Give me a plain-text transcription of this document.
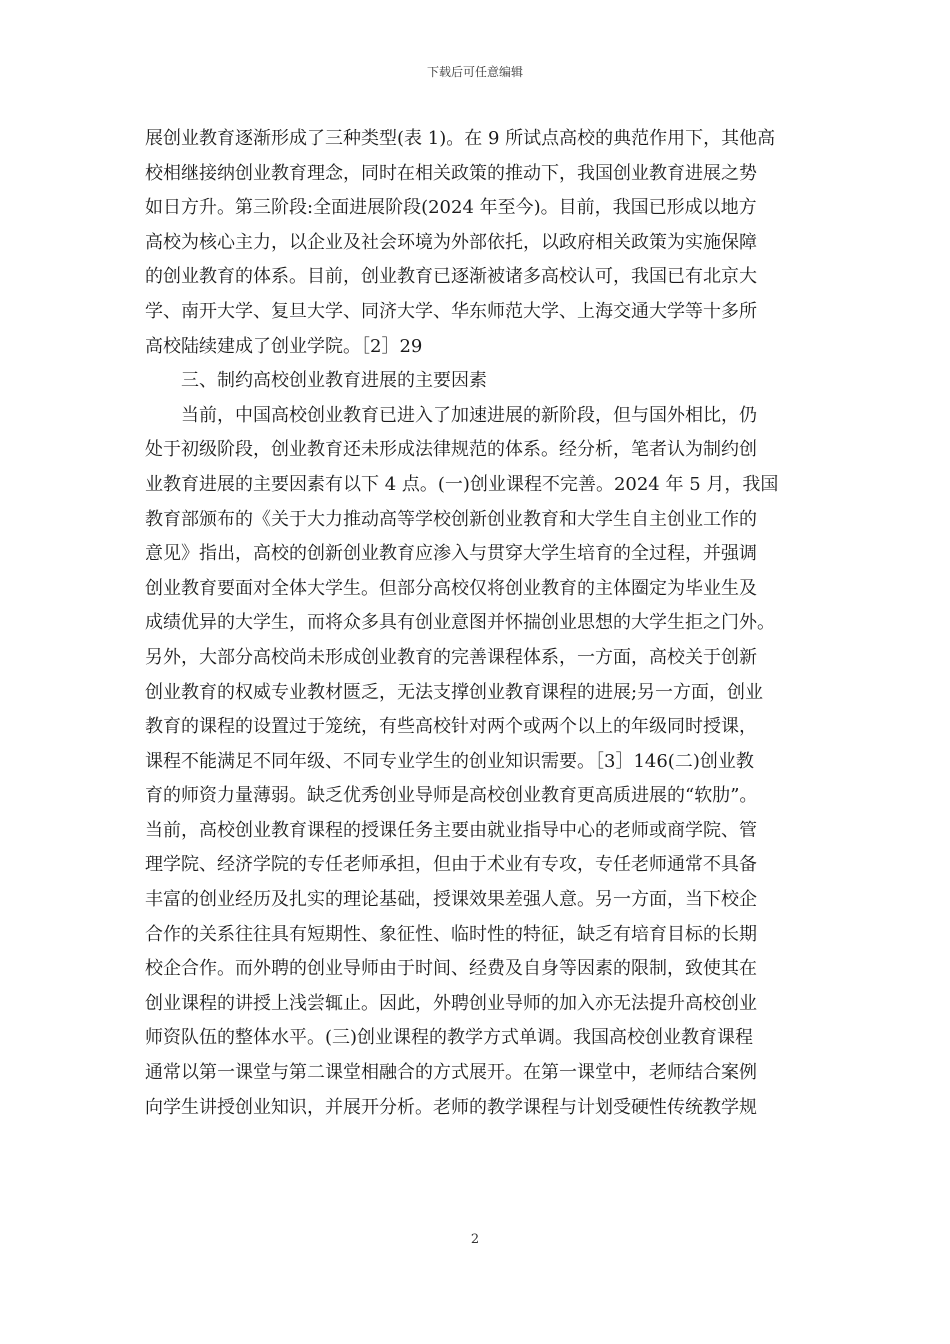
下载后可任意编辑
展创业教育逐渐形成了三种类型(表 1)。在 9 所试点高校的典范作用下，其他高
校相继接纳创业教育理念，同时在相关政策的推动下，我国创业教育进展之势
如日方升。第三阶段:全面进展阶段(2024 年至今)。目前，我国已形成以地方
高校为核心主力，以企业及社会环境为外部依托，以政府相关政策为实施保障
的创业教育的体系。目前，创业教育已逐渐被诸多高校认可，我国已有北京大
学、南开大学、复旦大学、同济大学、华东师范大学、上海交通大学等十多所
高校陆续建成了创业学院。［2］29
　　三、制约高校创业教育进展的主要因素
　　当前，中国高校创业教育已进入了加速进展的新阶段，但与国外相比，仍
处于初级阶段，创业教育还未形成法律规范的体系。经分析，笔者认为制约创
业教育进展的主要因素有以下 4 点。(一)创业课程不完善。2024 年 5 月，我国
教育部颁布的《关于大力推动高等学校创新创业教育和大学生自主创业工作的
意见》指出，高校的创新创业教育应渗入与贯穿大学生培育的全过程，并强调
创业教育要面对全体大学生。但部分高校仅将创业教育的主体圈定为毕业生及
成绩优异的大学生，而将众多具有创业意图并怀揣创业思想的大学生拒之门外。
另外，大部分高校尚未形成创业教育的完善课程体系，一方面，高校关于创新
创业教育的权威专业教材匮乏，无法支撑创业教育课程的进展;另一方面，创业
教育的课程的设置过于笼统，有些高校针对两个或两个以上的年级同时授课，
课程不能满足不同年级、不同专业学生的创业知识需要。［3］146(二)创业教
育的师资力量薄弱。缺乏优秀创业导师是高校创业教育更高质进展的“软肋”。
当前，高校创业教育课程的授课任务主要由就业指导中心的老师或商学院、管
理学院、经济学院的专任老师承担，但由于术业有专攻，专任老师通常不具备
丰富的创业经历及扎实的理论基础，授课效果差强人意。另一方面，当下校企
合作的关系往往具有短期性、象征性、临时性的特征，缺乏有培育目标的长期
校企合作。而外聘的创业导师由于时间、经费及自身等因素的限制，致使其在
创业课程的讲授上浅尝辄止。因此，外聘创业导师的加入亦无法提升高校创业
师资队伍的整体水平。(三)创业课程的教学方式单调。我国高校创业教育课程
通常以第一课堂与第二课堂相融合的方式展开。在第一课堂中，老师结合案例
向学生讲授创业知识，并展开分析。老师的教学课程与计划受硬性传统教学规
2
